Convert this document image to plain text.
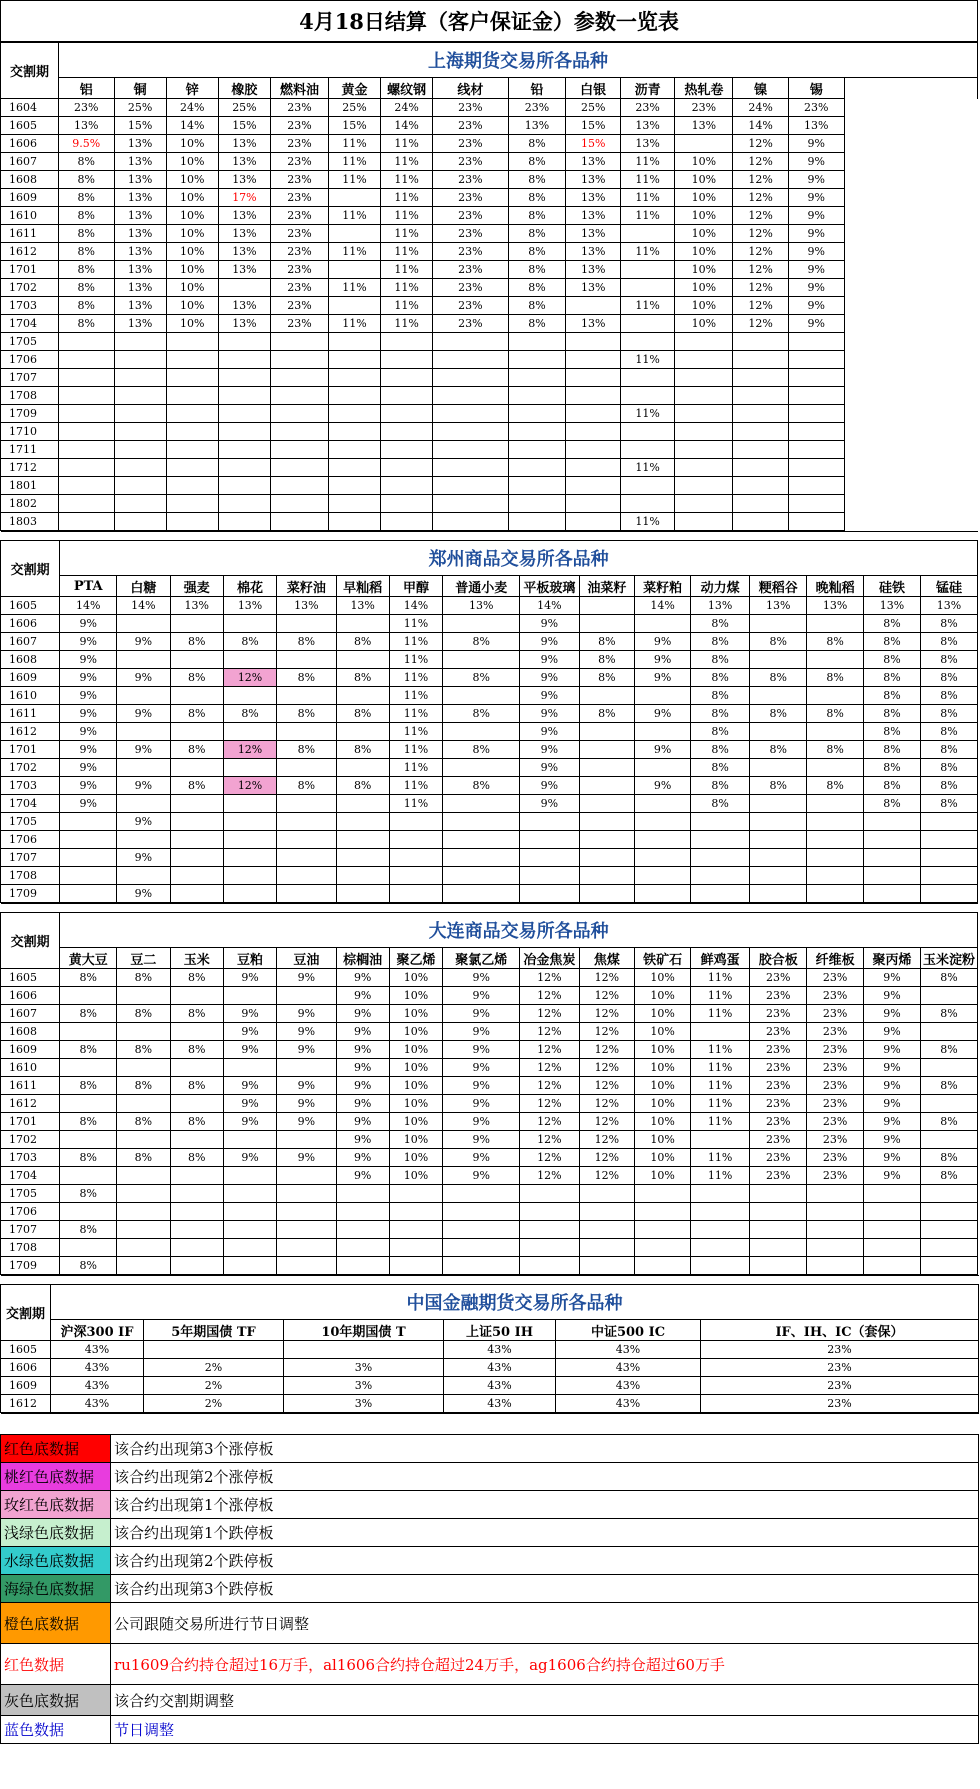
4月18日结算（客户保证金）参数一览表
交割期	上海期货交易所各品种														
	铝	铜	锌	橡胶	燃料油	黄金	螺纹钢	线材	铅	白银	沥青	热轧卷	镍	锡	
1604	23%	25%	24%	25%	23%	25%	24%	23%	23%	25%	23%	23%	24%	23%	
1605	13%	15%	14%	15%	23%	15%	14%	23%	13%	15%	13%	13%	14%	13%	
1606	9.5%	13%	10%	13%	23%	11%	11%	23%	8%	15%	13%		12%	9%	
1607	8%	13%	10%	13%	23%	11%	11%	23%	8%	13%	11%	10%	12%	9%	
1608	8%	13%	10%	13%	23%	11%	11%	23%	8%	13%	11%	10%	12%	9%	
1609	8%	13%	10%	17%	23%		11%	23%	8%	13%	11%	10%	12%	9%	
1610	8%	13%	10%	13%	23%	11%	11%	23%	8%	13%	11%	10%	12%	9%	
1611	8%	13%	10%	13%	23%		11%	23%	8%	13%		10%	12%	9%	
1612	8%	13%	10%	13%	23%	11%	11%	23%	8%	13%	11%	10%	12%	9%	
1701	8%	13%	10%	13%	23%		11%	23%	8%	13%		10%	12%	9%	
1702	8%	13%	10%		23%	11%	11%	23%	8%	13%		10%	12%	9%	
1703	8%	13%	10%	13%	23%		11%	23%	8%		11%	10%	12%	9%	
1704	8%	13%	10%	13%	23%	11%	11%	23%	8%	13%		10%	12%	9%	
1705															
1706											11%				
1707															
1708															
1709											11%				
1710															
1711															
1712											11%				
1801															
1802															
1803											11%				

交割期	郑州商品交易所各品种															
	PTA	白糖	强麦	棉花	菜籽油	早籼稻	甲醇	普通小麦	平板玻璃	油菜籽	菜籽粕	动力煤	粳稻谷	晚籼稻	硅铁	锰硅
1605	14%	14%	13%	13%	13%	13%	14%	13%	14%		14%	13%	13%	13%	13%	13%
1606	9%						11%		9%			8%			8%	8%
1607	9%	9%	8%	8%	8%	8%	11%	8%	9%	8%	9%	8%	8%	8%	8%	8%
1608	9%						11%		9%	8%	9%	8%			8%	8%
1609	9%	9%	8%	12%	8%	8%	11%	8%	9%	8%	9%	8%	8%	8%	8%	8%
1610	9%						11%		9%			8%			8%	8%
1611	9%	9%	8%	8%	8%	8%	11%	8%	9%	8%	9%	8%	8%	8%	8%	8%
1612	9%						11%		9%			8%			8%	8%
1701	9%	9%	8%	12%	8%	8%	11%	8%	9%		9%	8%	8%	8%	8%	8%
1702	9%						11%		9%			8%			8%	8%
1703	9%	9%	8%	12%	8%	8%	11%	8%	9%		9%	8%	8%	8%	8%	8%
1704	9%						11%		9%			8%			8%	8%
1705		9%														
1706																
1707		9%														
1708																
1709		9%														

交割期	大连商品交易所各品种															
	黄大豆	豆二	玉米	豆粕	豆油	棕榈油	聚乙烯	聚氯乙烯	冶金焦炭	焦煤	铁矿石	鲜鸡蛋	胶合板	纤维板	聚丙烯	玉米淀粉
1605	8%	8%	8%	9%	9%	9%	10%	9%	12%	12%	10%	11%	23%	23%	9%	8%
1606						9%	10%	9%	12%	12%	10%	11%	23%	23%	9%	
1607	8%	8%	8%	9%	9%	9%	10%	9%	12%	12%	10%	11%	23%	23%	9%	8%
1608				9%	9%	9%	10%	9%	12%	12%	10%		23%	23%	9%	
1609	8%	8%	8%	9%	9%	9%	10%	9%	12%	12%	10%	11%	23%	23%	9%	8%
1610						9%	10%	9%	12%	12%	10%	11%	23%	23%	9%	
1611	8%	8%	8%	9%	9%	9%	10%	9%	12%	12%	10%	11%	23%	23%	9%	8%
1612				9%	9%	9%	10%	9%	12%	12%	10%	11%	23%	23%	9%	
1701	8%	8%	8%	9%	9%	9%	10%	9%	12%	12%	10%	11%	23%	23%	9%	8%
1702						9%	10%	9%	12%	12%	10%		23%	23%	9%	
1703	8%	8%	8%	9%	9%	9%	10%	9%	12%	12%	10%	11%	23%	23%	9%	8%
1704						9%	10%	9%	12%	12%	10%	11%	23%	23%	9%	8%
1705	8%															
1706																
1707	8%															
1708																
1709	8%															

交割期	中国金融期货交易所各品种					
	沪深300 IF	5年期国债 TF	10年期国债 T	上证50 IH	中证500 IC	IF、IH、IC（套保）
1605	43%			43%	43%	23%
1606	43%	2%	3%	43%	43%	23%
1609	43%	2%	3%	43%	43%	23%
1612	43%	2%	3%	43%	43%	23%

红色底数据	该合约出现第3个涨停板
桃红色底数据	该合约出现第2个涨停板
玫红色底数据	该合约出现第1个涨停板
浅绿色底数据	该合约出现第1个跌停板
水绿色底数据	该合约出现第2个跌停板
海绿色底数据	该合约出现第3个跌停板
橙色底数据	公司跟随交易所进行节日调整
红色数据	ru1609合约持仓超过16万手，al1606合约持仓超过24万手，ag1606合约持仓超过60万手
灰色底数据	该合约交割期调整
蓝色数据	节日调整
